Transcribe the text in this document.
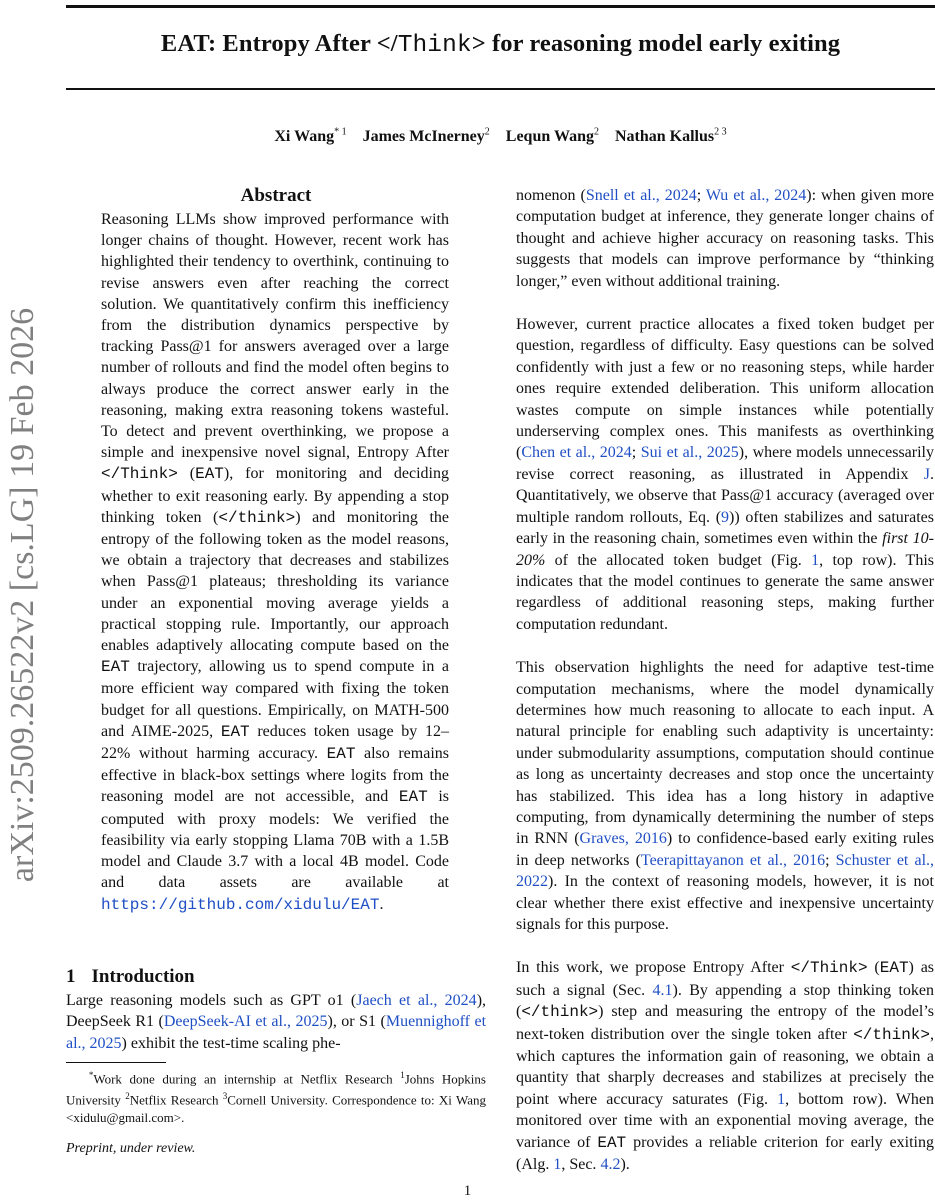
EAT: Entropy After </Think> for reasoning model early exiting
Xi Wang$^{* 1}$ James McInerney$^2$ Lequn Wang$^2$ Nathan Kallus$^{2 3}$
arXiv:2509.26522v2 [cs.LG] 19 Feb 2026
Abstract

Reasoning LLMs show improved performance with longer chains of thought. However, recent work has highlighted their tendency to overthink, continuing to revise answers even after reaching the correct solution. We quantitatively confirm this inefficiency from the distribution dynamics perspective by tracking Pass@1 for answers averaged over a large number of rollouts and find the model often begins to always produce the correct answer early in the reasoning, making extra reasoning tokens wasteful. To detect and prevent overthinking, we propose a simple and inexpensive novel signal, Entropy After </Think> (EAT), for monitoring and deciding whether to exit reasoning early. By appending a stop thinking token (</think>) and monitoring the entropy of the following token as the model reasons, we obtain a trajectory that decreases and stabilizes when Pass@1 plateaus; thresholding its variance under an exponential moving average yields a practical stopping rule. Importantly, our approach enables adaptively allocating compute based on the EAT trajectory, allowing us to spend compute in a more efficient way compared with fixing the token budget for all questions. Empirically, on MATH-500 and AIME-2025, EAT reduces token usage by 12–22% without harming accuracy. EAT also remains effective in black-box settings where logits from the reasoning model are not accessible, and EAT is computed with proxy models: We verified the feasibility via early stopping Llama 70B with a 1.5B model and Claude 3.7 with a local 4B model. Code and data assets are available at https://github.com/xidulu/EAT.

1 Introduction

Large reasoning models such as GPT o1 (Jaech et al., 2024), DeepSeek R1 (DeepSeek-AI et al., 2025), or S1 (Muennighoff et al., 2025) exhibit the test-time scaling phe-

*Work done during an internship at Netflix Research $^1$Johns Hopkins University $^2$Netflix Research $^3$Cornell University. Correspondence to: Xi Wang <xidulu@gmail.com>.

Preprint, under review.

nomenon (Snell et al., 2024; Wu et al., 2024): when given more computation budget at inference, they generate longer chains of thought and achieve higher accuracy on reasoning tasks. This suggests that models can improve performance by “thinking longer,” even without additional training.

However, current practice allocates a fixed token budget per question, regardless of difficulty. Easy questions can be solved confidently with just a few or no reasoning steps, while harder ones require extended deliberation. This uniform allocation wastes compute on simple instances while potentially underserving complex ones. This manifests as overthinking (Chen et al., 2024; Sui et al., 2025), where models unnecessarily revise correct reasoning, as illustrated in Appendix J. Quantitatively, we observe that Pass@1 accuracy (averaged over multiple random rollouts, Eq. (9)) often stabilizes and saturates early in the reasoning chain, sometimes even within the first 10-20% of the allocated token budget (Fig. 1, top row). This indicates that the model continues to generate the same answer regardless of additional reasoning steps, making further computation redundant.

This observation highlights the need for adaptive test-time computation mechanisms, where the model dynamically determines how much reasoning to allocate to each input. A natural principle for enabling such adaptivity is uncertainty: under submodularity assumptions, computation should continue as long as uncertainty decreases and stop once the uncertainty has stabilized. This idea has a long history in adaptive computing, from dynamically determining the number of steps in RNN (Graves, 2016) to confidence-based early exiting rules in deep networks (Teerapittayanon et al., 2016; Schuster et al., 2022). In the context of reasoning models, however, it is not clear whether there exist effective and inexpensive uncertainty signals for this purpose.

In this work, we propose Entropy After </Think> (EAT) as such a signal (Sec. 4.1). By appending a stop thinking token (</think>) step and measuring the entropy of the model’s next-token distribution over the single token after </think>, which captures the information gain of reasoning, we obtain a quantity that sharply decreases and stabilizes at precisely the point where accuracy saturates (Fig. 1, bottom row). When monitored over time with an exponential moving average, the variance of EAT provides a reliable criterion for early exiting (Alg. 1, Sec. 4.2).

1
